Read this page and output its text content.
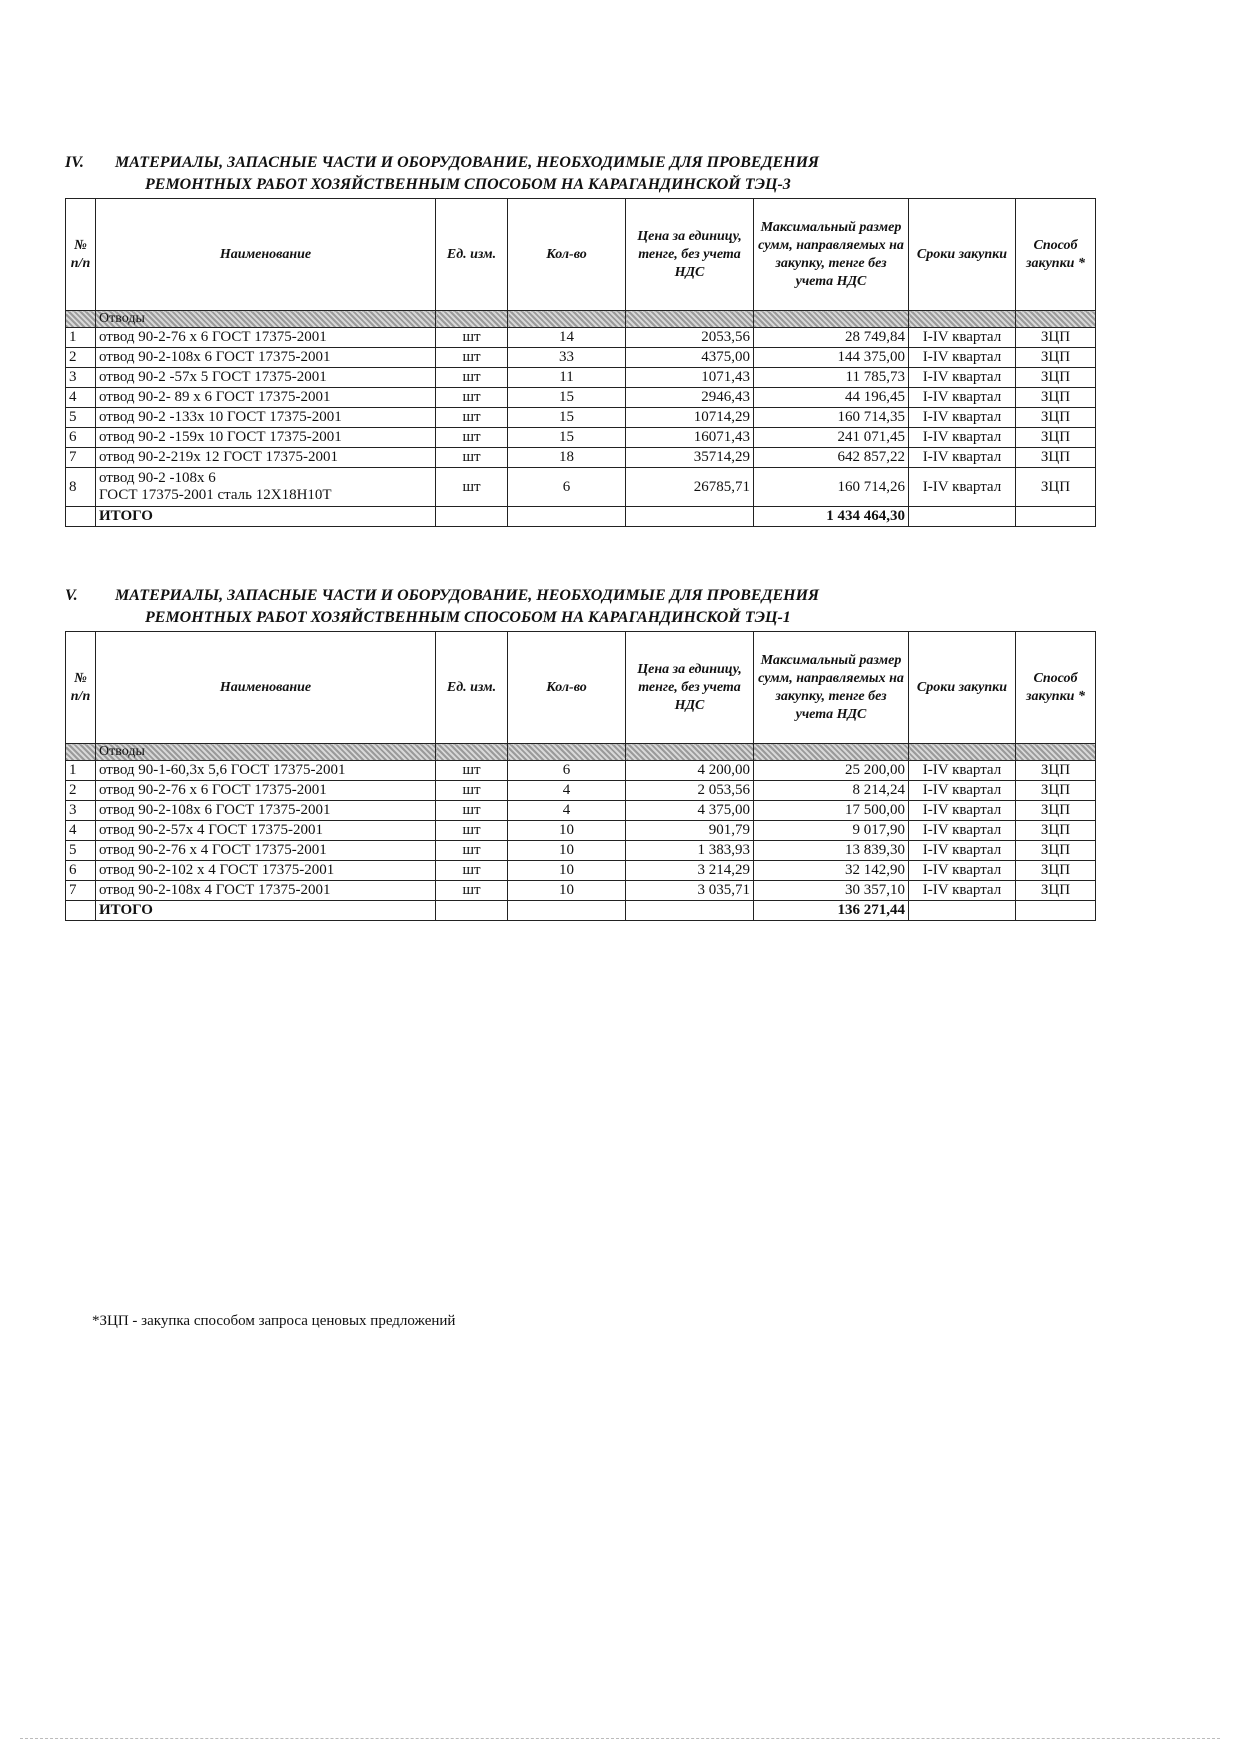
IV.	МАТЕРИАЛЫ, ЗАПАСНЫЕ ЧАСТИ И ОБОРУДОВАНИЕ, НЕОБХОДИМЫЕ ДЛЯ ПРОВЕДЕНИЯ
РЕМОНТНЫХ РАБОТ ХОЗЯЙСТВЕННЫМ СПОСОБОМ НА КАРАГАНДИНСКОЙ ТЭЦ-3
№ п/п	Наименование	Ед. изм.	Кол-во	Цена за единицу, тенге, без учета НДС	Максимальный размер сумм, направляемых на закупку, тенге без учета НДС	Сроки закупки	Способ закупки *
	Отводы						
1	отвод 90-2-76 х 6 ГОСТ 17375-2001	шт	14	2053,56	28 749,84	I-IV квартал	ЗЦП
2	отвод 90-2-108х 6 ГОСТ 17375-2001	шт	33	4375,00	144 375,00	I-IV квартал	ЗЦП
3	отвод 90-2 -57х 5 ГОСТ 17375-2001	шт	11	1071,43	11 785,73	I-IV квартал	ЗЦП
4	отвод 90-2- 89 х 6 ГОСТ 17375-2001	шт	15	2946,43	44 196,45	I-IV квартал	ЗЦП
5	отвод 90-2 -133х 10 ГОСТ 17375-2001	шт	15	10714,29	160 714,35	I-IV квартал	ЗЦП
6	отвод 90-2 -159х 10 ГОСТ 17375-2001	шт	15	16071,43	241 071,45	I-IV квартал	ЗЦП
7	отвод 90-2-219х 12 ГОСТ 17375-2001	шт	18	35714,29	642 857,22	I-IV квартал	ЗЦП
8	отвод 90-2 -108х 6
ГОСТ 17375-2001 сталь 12Х18Н10Т	шт	6	26785,71	160 714,26	I-IV квартал	ЗЦП
	ИТОГО				1 434 464,30		
V.	МАТЕРИАЛЫ, ЗАПАСНЫЕ ЧАСТИ И ОБОРУДОВАНИЕ, НЕОБХОДИМЫЕ ДЛЯ ПРОВЕДЕНИЯ
РЕМОНТНЫХ РАБОТ ХОЗЯЙСТВЕННЫМ СПОСОБОМ НА КАРАГАНДИНСКОЙ ТЭЦ-1
№ п/п	Наименование	Ед. изм.	Кол-во	Цена за единицу, тенге, без учета НДС	Максимальный размер сумм, направляемых на закупку, тенге без учета НДС	Сроки закупки	Способ закупки *
	Отводы						
1	отвод 90-1-60,3х 5,6 ГОСТ 17375-2001	шт	6	4 200,00	25 200,00	I-IV квартал	ЗЦП
2	отвод 90-2-76 х 6 ГОСТ 17375-2001	шт	4	2 053,56	8 214,24	I-IV квартал	ЗЦП
3	отвод 90-2-108х 6 ГОСТ 17375-2001	шт	4	4 375,00	17 500,00	I-IV квартал	ЗЦП
4	отвод 90-2-57х 4 ГОСТ 17375-2001	шт	10	901,79	9 017,90	I-IV квартал	ЗЦП
5	отвод 90-2-76 х 4 ГОСТ 17375-2001	шт	10	1 383,93	13 839,30	I-IV квартал	ЗЦП
6	отвод 90-2-102 х 4 ГОСТ 17375-2001	шт	10	3 214,29	32 142,90	I-IV квартал	ЗЦП
7	отвод 90-2-108х 4 ГОСТ 17375-2001	шт	10	3 035,71	30 357,10	I-IV квартал	ЗЦП
	ИТОГО				136 271,44		
*ЗЦП - закупка способом запроса ценовых предложений
